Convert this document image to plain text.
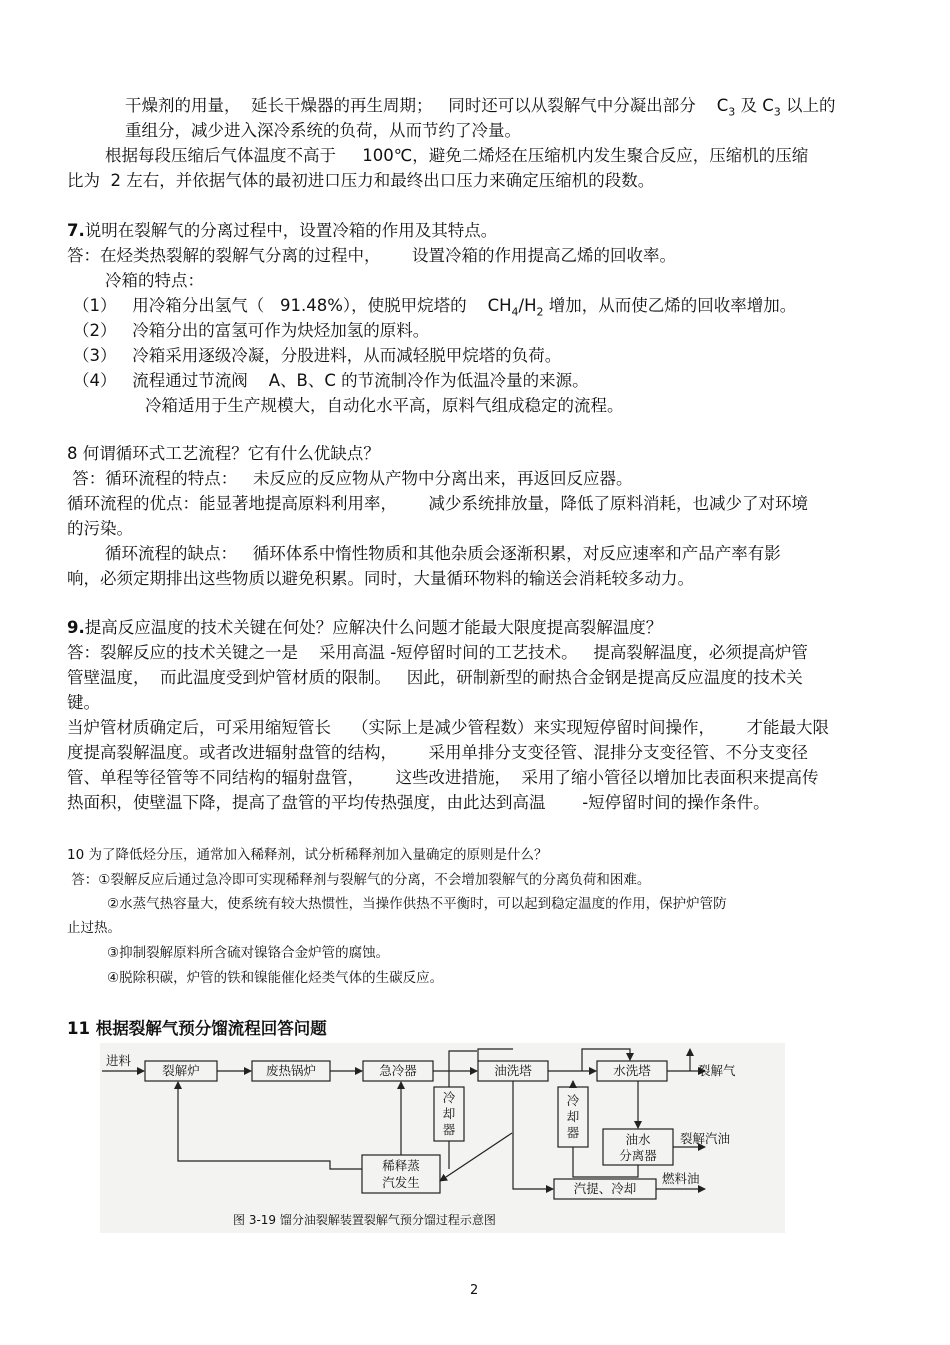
干燥剂的用量，  延长干燥器的再生周期；   同时还可以从裂解气中分凝出部分    $C_3$ 及 $C_3$ 以上的
重组分，减少进入深冷系统的负荷，从而节约了冷量。
根据每段压缩后气体温度不高于     100℃，避免二烯烃在压缩机内发生聚合反应，压缩机的压缩
比为  2 左右，并依据气体的最初进口压力和最终出口压力来确定压缩机的段数。
7.说明在裂解气的分离过程中，设置冷箱的作用及其特点。
答：在烃类热裂解的裂解气分离的过程中，      设置冷箱的作用提高乙烯的回收率。
冷箱的特点：
（1）   用冷箱分出氢气（   91.48%），使脱甲烷塔的    $CH_4/H_2$ 增加，从而使乙烯的回收率增加。
（2）   冷箱分出的富氢可作为炔烃加氢的原料。
（3）   冷箱采用逐级冷凝，分股进料，从而减轻脱甲烷塔的负荷。
（4）   流程通过节流阀    A、B、C 的节流制冷作为低温冷量的来源。
冷箱适用于生产规模大，自动化水平高，原料气组成稳定的流程。
8 何谓循环式工艺流程？它有什么优缺点？
答：循环流程的特点：   未反应的反应物从产物中分离出来，再返回反应器。
循环流程的优点：能显著地提高原料利用率，      减少系统排放量，降低了原料消耗，也减少了对环境
的污染。
循环流程的缺点：   循环体系中惰性物质和其他杂质会逐渐积累，对反应速率和产品产率有影
响，必须定期排出这些物质以避免积累。同时，大量循环物料的输送会消耗较多动力。
9.提高反应温度的技术关键在何处？应解决什么问题才能最大限度提高裂解温度？
答：裂解反应的技术关键之一是    采用高温 -短停留时间的工艺技术。   提高裂解温度，必须提高炉管
管壁温度，  而此温度受到炉管材质的限制。   因此，研制新型的耐热合金钢是提高反应温度的技术关
键。
当炉管材质确定后，可采用缩短管长    （实际上是减少管程数）来实现短停留时间操作，      才能最大限
度提高裂解温度。或者改进辐射盘管的结构，      采用单排分支变径管、混排分支变径管、不分支变径
管、单程等径管等不同结构的辐射盘管，      这些改进措施，  采用了缩小管径以增加比表面积来提高传
热面积，使壁温下降，提高了盘管的平均传热强度，由此达到高温       -短停留时间的操作条件。
10 为了降低烃分压，通常加入稀释剂，试分析稀释剂加入量确定的原则是什么？
答：①裂解反应后通过急冷即可实现稀释剂与裂解气的分离，不会增加裂解气的分离负荷和困难。
②水蒸气热容量大，使系统有较大热惯性，当操作供热不平衡时，可以起到稳定温度的作用，保护炉管防
止过热。
③抑制裂解原料所含硫对镍铬合金炉管的腐蚀。
④脱除积碳，炉管的铁和镍能催化烃类气体的生碳反应。
11 根据裂解气预分馏流程回答问题
进料
裂解炉	废热锅炉	急冷器	油洗塔	水洗塔
冷
却
器
冷
却
器	油水
分离器
裂解气
裂解汽油
稀释蒸
汽发生	汽提、冷却
燃料油
图 3-19 馏分油裂解装置裂解气预分馏过程示意图
2
